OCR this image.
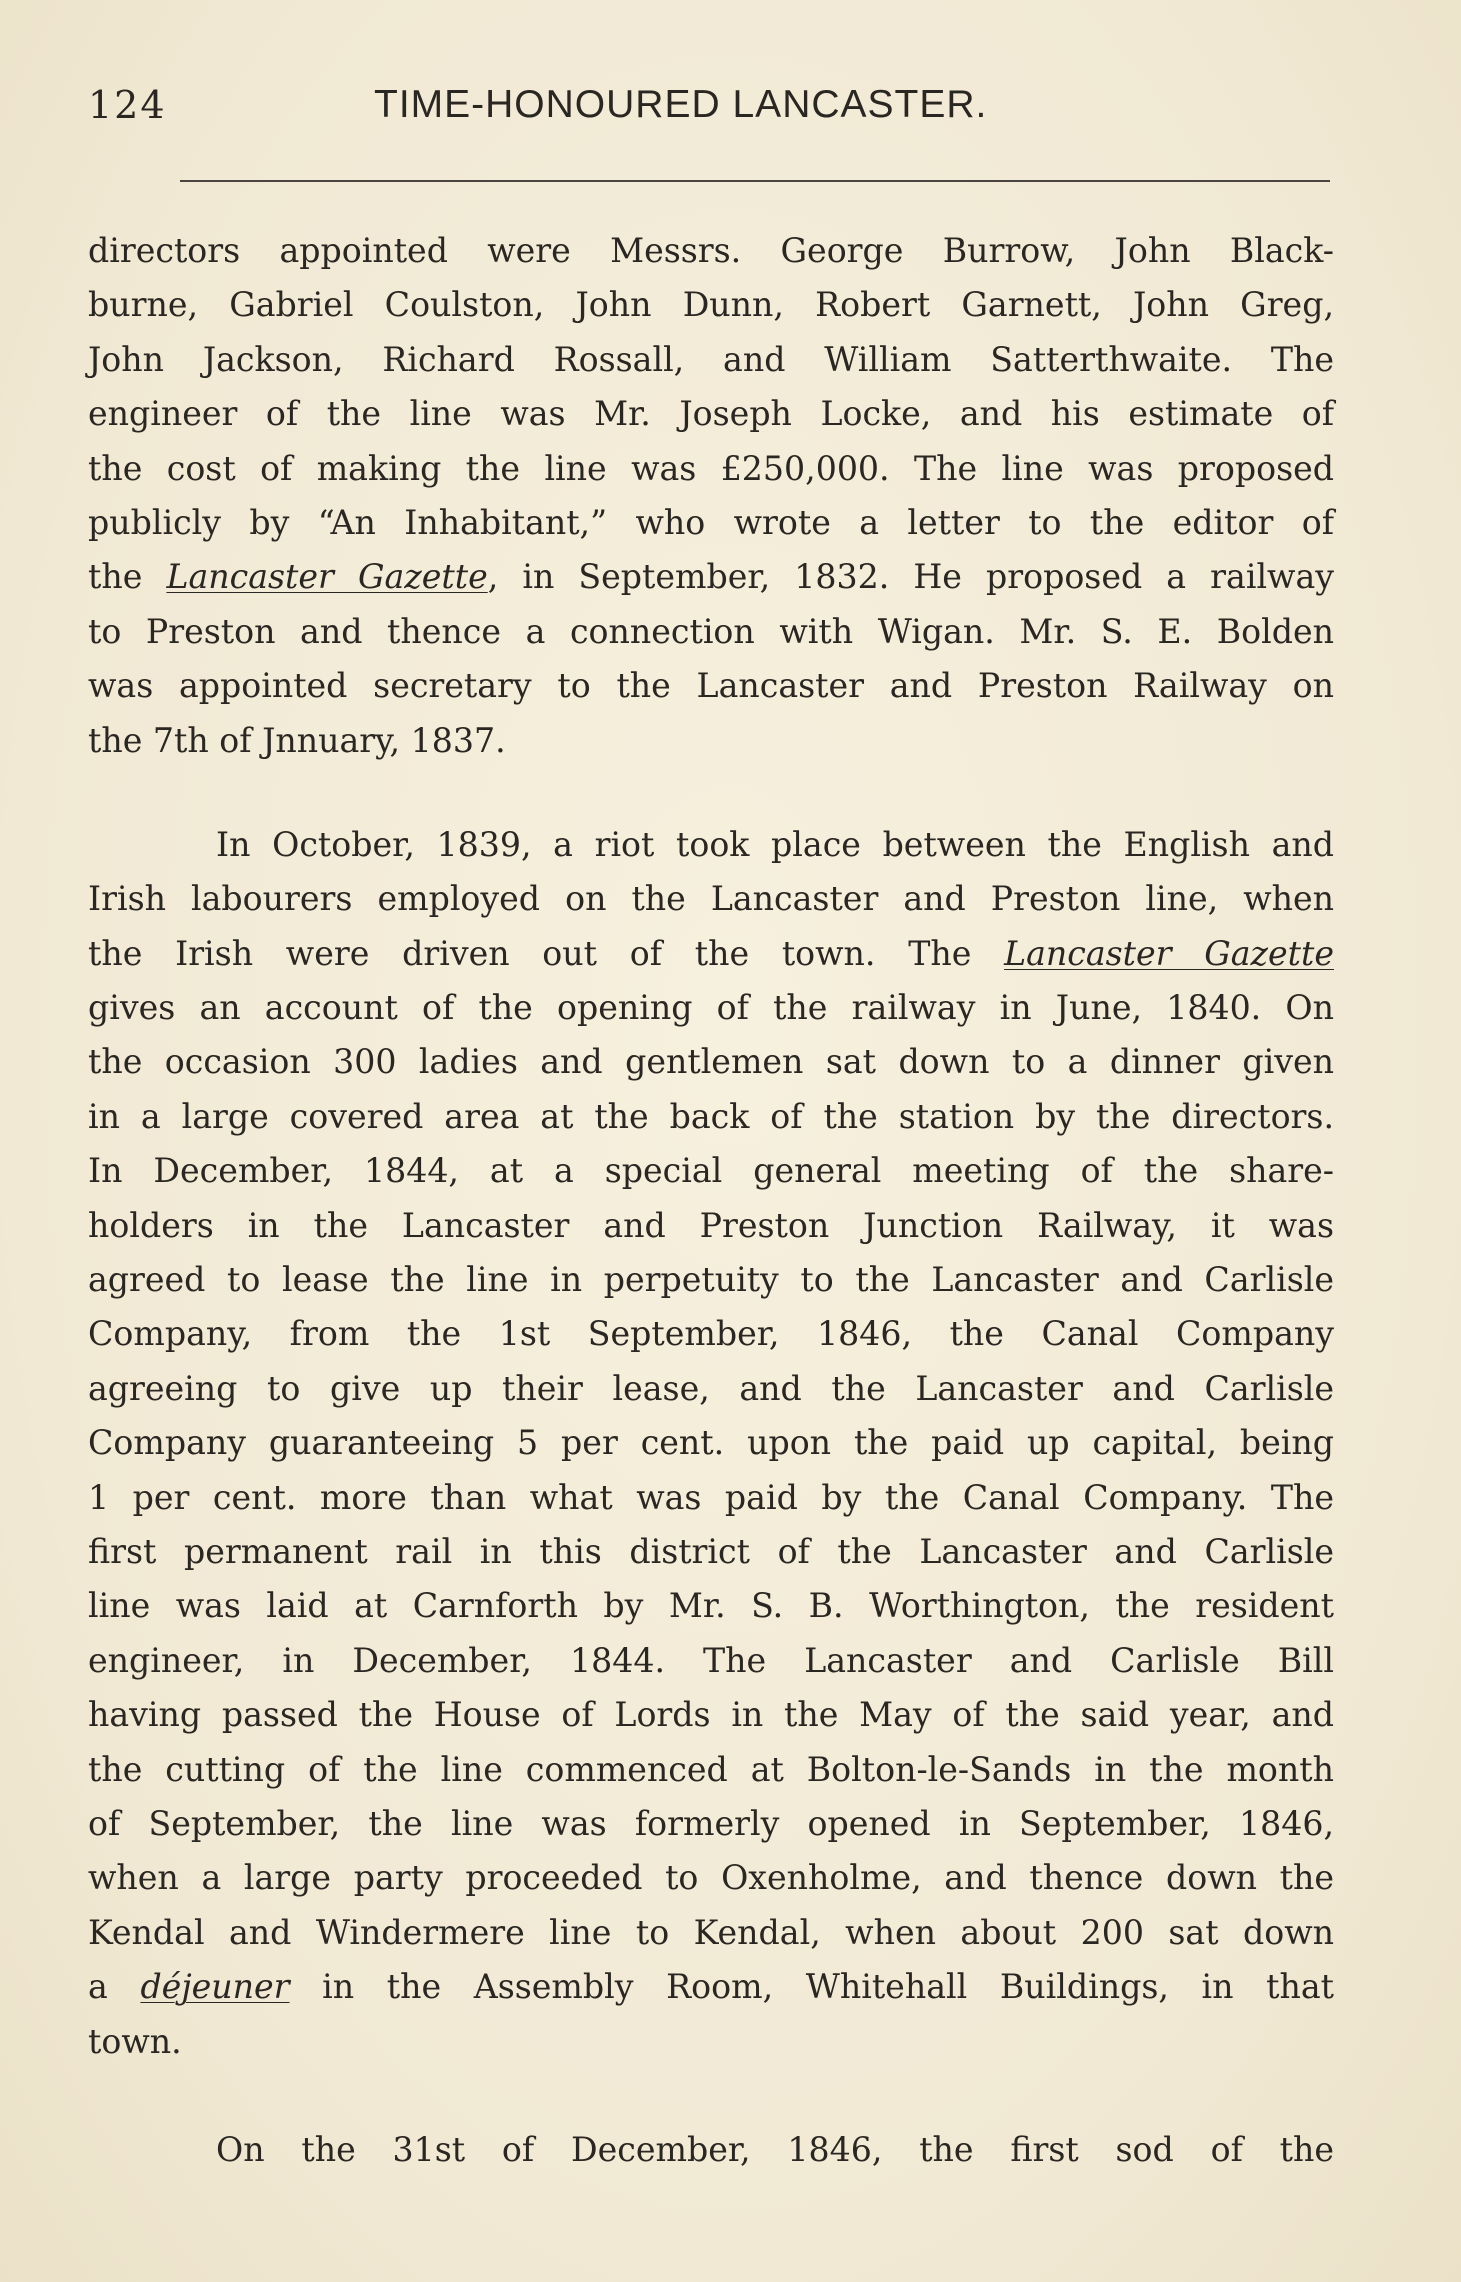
124	TIME-HONOURED LANCASTER.
directors appointed were Messrs. George Burrow, John Black-
burne, Gabriel Coulston, John Dunn, Robert Garnett, John Greg,
John Jackson, Richard Rossall, and William Satterthwaite. The
engineer of the line was Mr. Joseph Locke, and his estimate of
the cost of making the line was £250,000. The line was proposed
publicly by “An Inhabitant,” who wrote a letter to the editor of
the Lancaster Gazette, in September, 1832. He proposed a railway
to Preston and thence a connection with Wigan. Mr. S. E. Bolden
was appointed secretary to the Lancaster and Preston Railway on
the 7th of Jnnuary, 1837.
In October, 1839, a riot took place between the English and
Irish labourers employed on the Lancaster and Preston line, when
the Irish were driven out of the town. The Lancaster Gazette
gives an account of the opening of the railway in June, 1840. On
the occasion 300 ladies and gentlemen sat down to a dinner given
in a large covered area at the back of the station by the directors.
In December, 1844, at a special general meeting of the share-
holders in the Lancaster and Preston Junction Railway, it was
agreed to lease the line in perpetuity to the Lancaster and Carlisle
Company, from the 1st September, 1846, the Canal Company
agreeing to give up their lease, and the Lancaster and Carlisle
Company guaranteeing 5 per cent. upon the paid up capital, being
1 per cent. more than what was paid by the Canal Company. The
first permanent rail in this district of the Lancaster and Carlisle
line was laid at Carnforth by Mr. S. B. Worthington, the resident
engineer, in December, 1844. The Lancaster and Carlisle Bill
having passed the House of Lords in the May of the said year, and
the cutting of the line commenced at Bolton-le-Sands in the month
of September, the line was formerly opened in September, 1846,
when a large party proceeded to Oxenholme, and thence down the
Kendal and Windermere line to Kendal, when about 200 sat down
a déjeuner in the Assembly Room, Whitehall Buildings, in that
town.
On the 31st of December, 1846, the first sod of the
